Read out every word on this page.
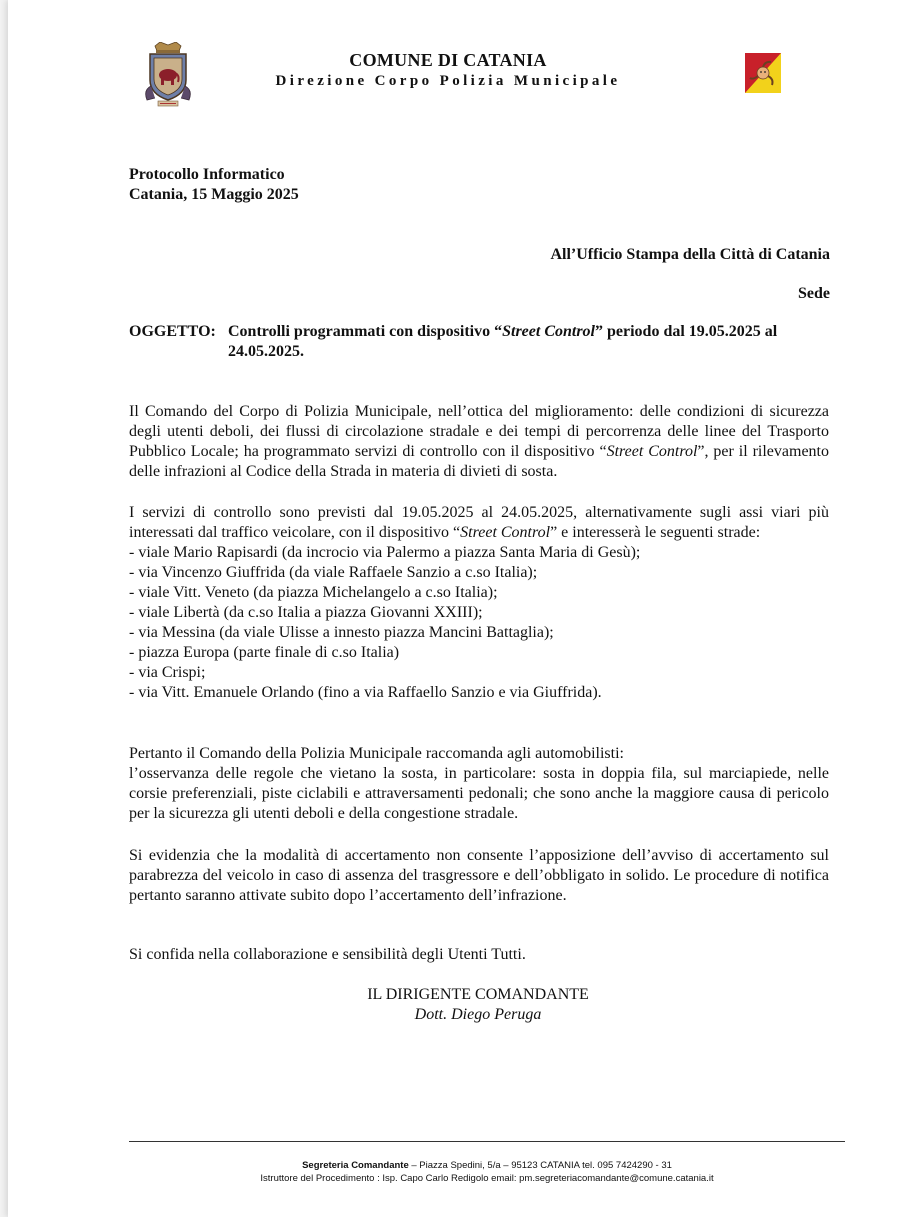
COMUNE DI CATANIA
Direzione Corpo Polizia Municipale
Protocollo Informatico
Catania, 15 Maggio 2025
All’Ufficio Stampa della Città di Catania
Sede
OGGETTO: Controlli programmati con dispositivo “Street Control” periodo dal 19.05.2025 al
24.05.2025.

Il Comando del Corpo di Polizia Municipale, nell’ottica del miglioramento: delle condizioni di sicurezza degli utenti deboli, dei flussi di circolazione stradale e dei tempi di percorrenza delle linee del Trasporto Pubblico Locale; ha programmato servizi di controllo con il dispositivo “Street Control”, per il rilevamento delle infrazioni al Codice della Strada in materia di divieti di sosta.

I servizi di controllo sono previsti dal 19.05.2025 al 24.05.2025, alternativamente sugli assi viari più interessati dal traffico veicolare, con il dispositivo “Street Control” e interesserà le seguenti strade:

- viale Mario Rapisardi (da incrocio via Palermo a piazza Santa Maria di Gesù);
- via Vincenzo Giuffrida (da viale Raffaele Sanzio a c.so Italia);
- viale Vitt. Veneto (da piazza Michelangelo a c.so Italia);
- viale Libertà (da c.so Italia a piazza Giovanni XXIII);
- via Messina (da viale Ulisse a innesto piazza Mancini Battaglia);
- piazza Europa (parte finale di c.so Italia)
- via Crispi;
- via Vitt. Emanuele Orlando (fino a via Raffaello Sanzio e via Giuffrida).

Pertanto il Comando della Polizia Municipale raccomanda agli automobilisti:

l’osservanza delle regole che vietano la sosta, in particolare: sosta in doppia fila, sul marciapiede, nelle corsie preferenziali, piste ciclabili e attraversamenti pedonali; che sono anche la maggiore causa di pericolo per la sicurezza gli utenti deboli e della congestione stradale.

Si evidenzia che la modalità di accertamento non consente l’apposizione dell’avviso di accertamento sul parabrezza del veicolo in caso di assenza del trasgressore e dell’obbligato in solido. Le procedure di notifica pertanto saranno attivate subito dopo l’accertamento dell’infrazione.

Si confida nella collaborazione e sensibilità degli Utenti Tutti.

IL DIRIGENTE COMANDANTE
Dott. Diego Peruga
Segreteria Comandante – Piazza Spedini, 5/a – 95123 CATANIA tel. 095 7424290 - 31
Istruttore del Procedimento : Isp. Capo Carlo Redigolo email: pm.segreteriacomandante@comune.catania.it
